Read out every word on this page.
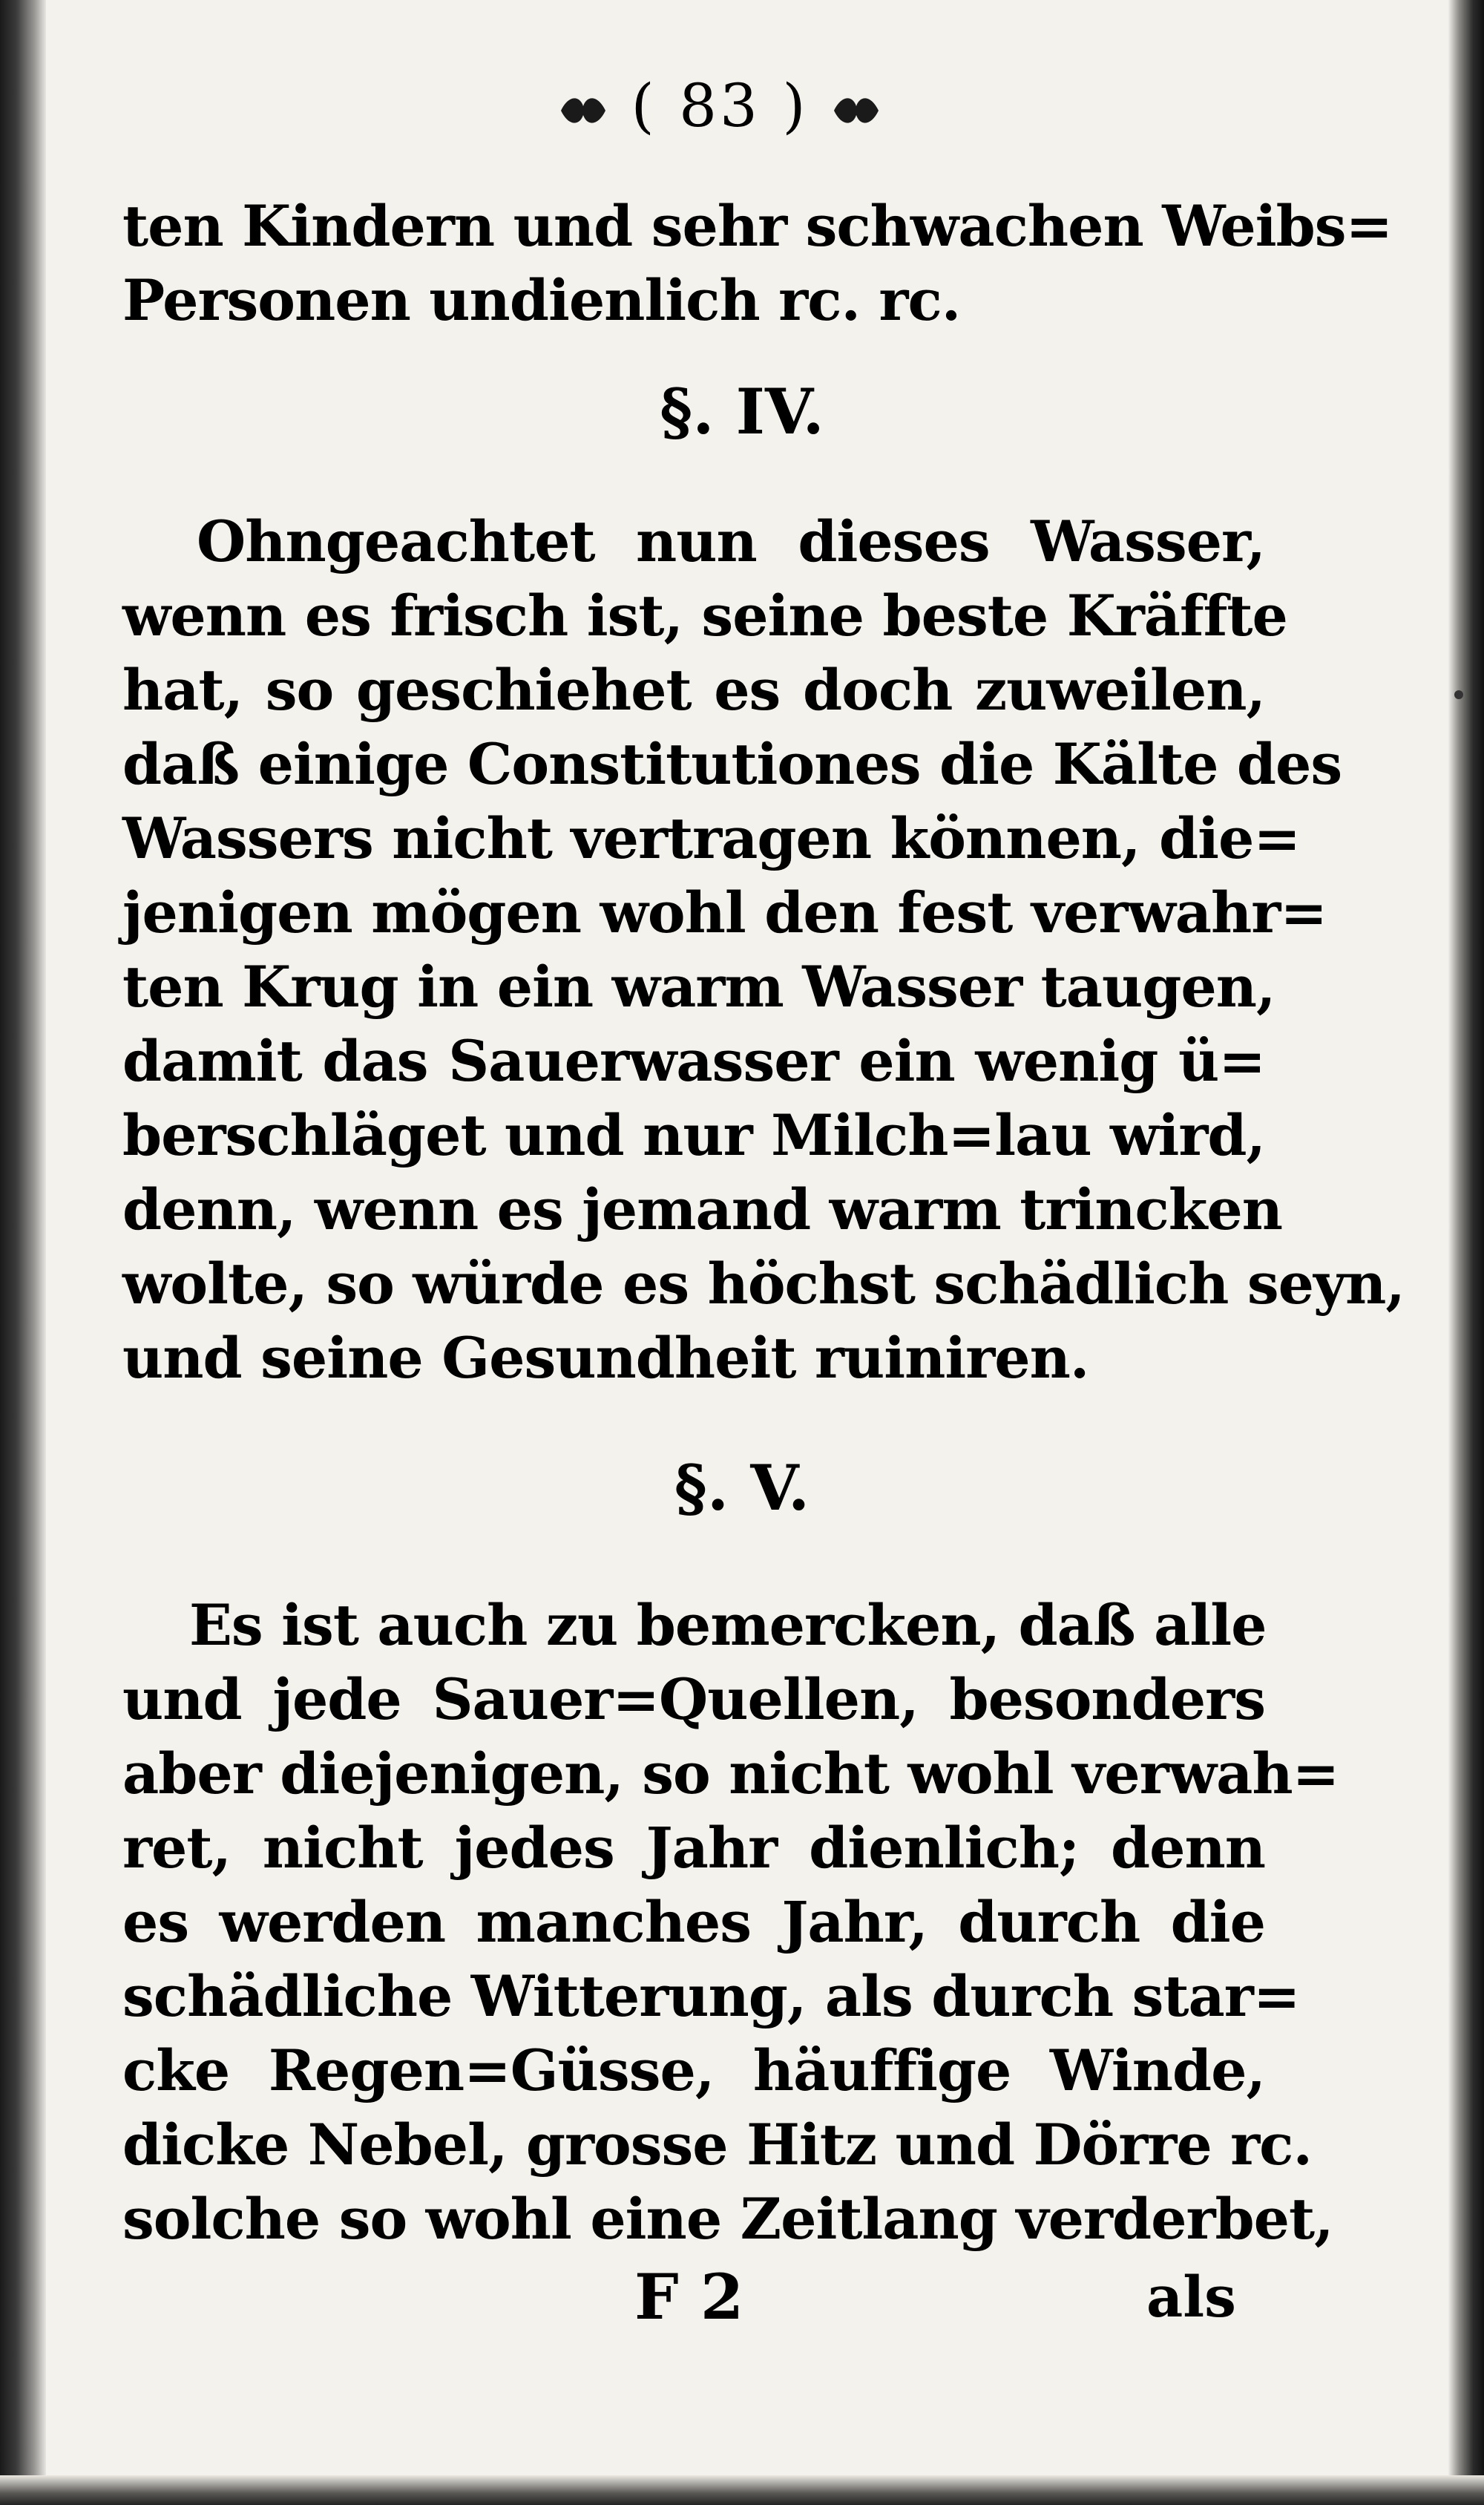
( 83 )
ten Kindern und sehr schwachen Weibs=
Personen undienlich rc. rc.
§. IV.
Ohngeachtet nun dieses Wasser,
wenn es frisch ist, seine beste Kräffte
hat, so geschiehet es doch zuweilen,
daß einige Constitutiones die Kälte des
Wassers nicht vertragen können, die=
jenigen mögen wohl den fest verwahr=
ten Krug in ein warm Wasser taugen,
damit das Sauerwasser ein wenig ü=
berschläget und nur Milch=lau wird,
denn, wenn es jemand warm trincken
wolte, so würde es höchst schädlich seyn,
und seine Gesundheit ruiniren.
§. V.
Es ist auch zu bemercken, daß alle
und jede Sauer=Quellen, besonders
aber diejenigen, so nicht wohl verwah=
ret, nicht jedes Jahr dienlich; denn
es werden manches Jahr, durch die
schädliche Witterung, als durch star=
cke Regen=Güsse, häuffige Winde,
dicke Nebel, grosse Hitz und Dörre rc.
solche so wohl eine Zeitlang verderbet,
F 2	als
